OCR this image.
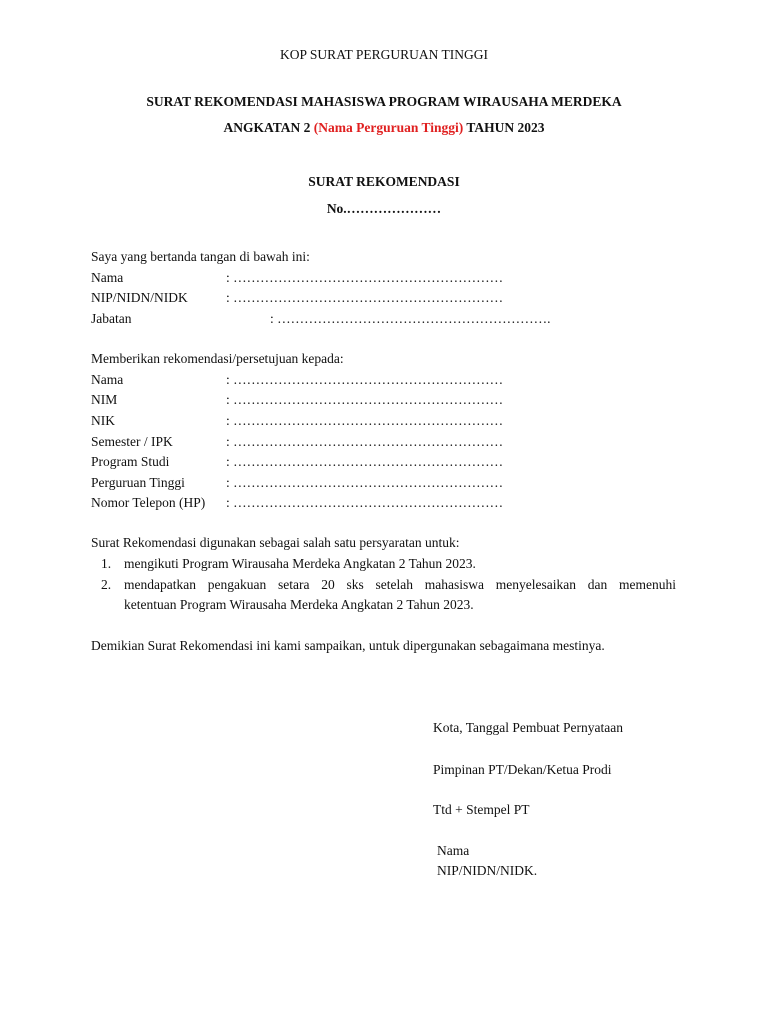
KOP SURAT PERGURUAN TINGGI
SURAT REKOMENDASI MAHASISWA PROGRAM WIRAUSAHA MERDEKA
ANGKATAN 2 (Nama Perguruan Tinggi) TAHUN 2023
SURAT REKOMENDASI
No.…………………
Saya yang bertanda tangan di bawah ini:
Nama	: ……………………………………………………
NIP/NIDN/NIDK	: ……………………………………………………
Jabatan	: …………………………………………………….
Memberikan rekomendasi/persetujuan kepada:
Nama	: ……………………………………………………
NIM	: ……………………………………………………
NIK	: ……………………………………………………
Semester / IPK	: ……………………………………………………
Program Studi	: ……………………………………………………
Perguruan Tinggi	: ……………………………………………………
Nomor Telepon (HP) : ……………………………………………………
Surat Rekomendasi digunakan sebagai salah satu persyaratan untuk:
1. mengikuti Program Wirausaha Merdeka Angkatan 2 Tahun 2023.
2. mendapatkan pengakuan setara 20 sks setelah mahasiswa menyelesaikan dan memenuhi
ketentuan Program Wirausaha Merdeka Angkatan 2 Tahun 2023.
Demikian Surat Rekomendasi ini kami sampaikan, untuk dipergunakan sebagaimana mestinya.
Kota, Tanggal Pembuat Pernyataan
Pimpinan PT/Dekan/Ketua Prodi
Ttd + Stempel PT
Nama
NIP/NIDN/NIDK.
